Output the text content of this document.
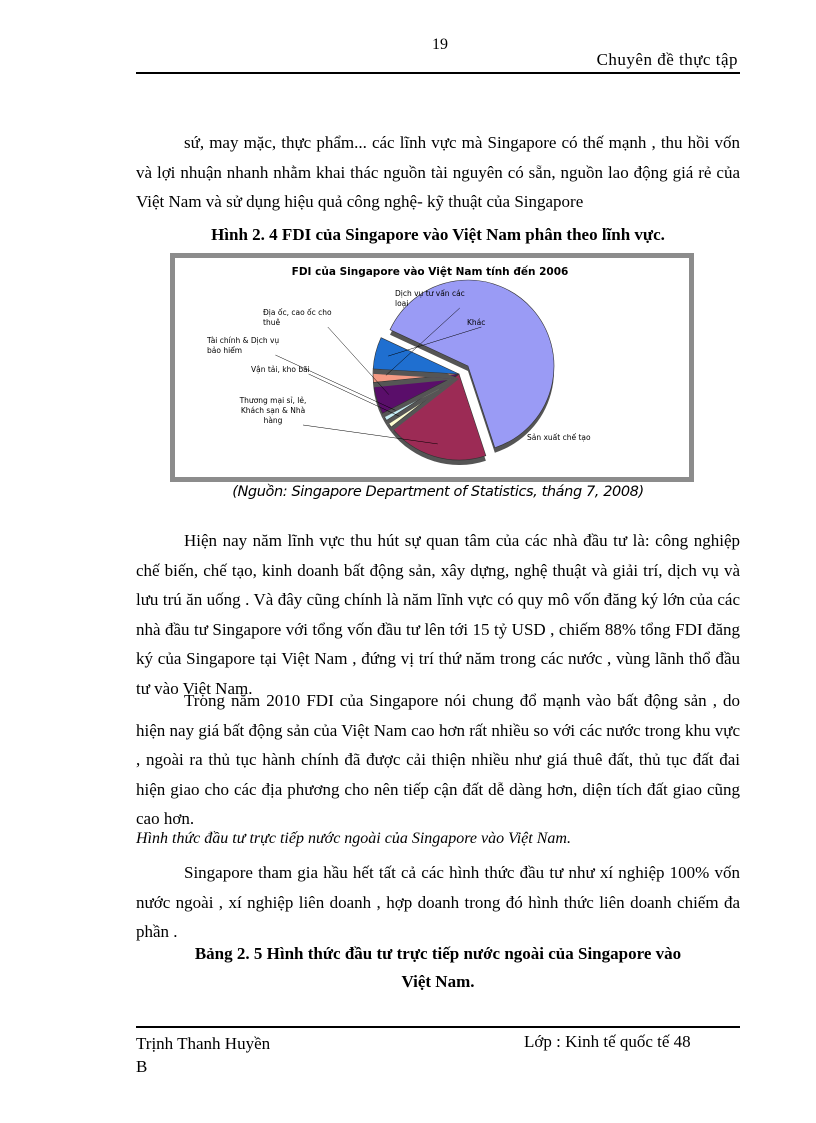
19
Chuyên đề thực tập
sứ, may mặc, thực phẩm... các lĩnh vực mà Singapore có thế mạnh , thu hồi vốn và lợi nhuận nhanh nhằm khai thác nguồn tài nguyên có sẵn, nguồn lao động giá rẻ của Việt Nam và sử dụng hiệu quả công nghệ- kỹ thuật của Singapore
Hình 2. 4 FDI của Singapore vào Việt Nam phân theo lĩnh vực.
FDI của Singapore vào Việt Nam tính đến 2006
Sản xuất chế tạo
Thương mại sỉ, lẻ, Khách sạn & Nhà hàng
Vận tải, kho bãi
Tài chính & Dịch vụ bảo hiểm
Địa ốc, cao ốc cho thuê
Dịch vụ tư vấn các loại
Khác
(Nguồn: Singapore Department of Statistics, tháng 7, 2008)
Hiện nay năm lĩnh vực thu hút sự quan tâm của các nhà đầu tư là: công nghiệp chế biến, chế tạo, kinh doanh bất động sản, xây dựng, nghệ thuật và giải trí, dịch vụ và lưu trú ăn uống . Và đây cũng chính là năm lĩnh vực có quy mô vốn đăng ký lớn của các nhà đầu tư Singapore với tổng vốn đầu tư lên tới 15 tỷ USD , chiếm 88% tổng FDI đăng ký của Singapore tại Việt Nam , đứng vị trí thứ năm trong các nước , vùng lãnh thổ đầu tư vào Việt Nam.
Trong năm 2010 FDI của Singapore nói chung đổ mạnh vào bất động sản , do hiện nay giá bất động sản của Việt Nam cao hơn rất nhiều so với các nước trong khu vực , ngoài ra thủ tục hành chính đã được cải thiện nhiều như giá thuê đất, thủ tục đất đai hiện giao cho các địa phương cho nên tiếp cận đất dễ dàng hơn, diện tích đất giao cũng cao hơn.
Hình thức đầu tư trực tiếp nước ngoài của Singapore vào Việt Nam.
Singapore tham gia hầu hết tất cả các hình thức đầu tư như xí nghiệp 100% vốn nước ngoài , xí nghiệp liên doanh , hợp doanh trong đó hình thức liên doanh chiếm đa phần .
Bảng 2. 5 Hình thức đầu tư trực tiếp nước ngoài của Singapore vào
Việt Nam.
Trịnh Thanh Huyền
B
Lớp : Kinh tế quốc tế 48
